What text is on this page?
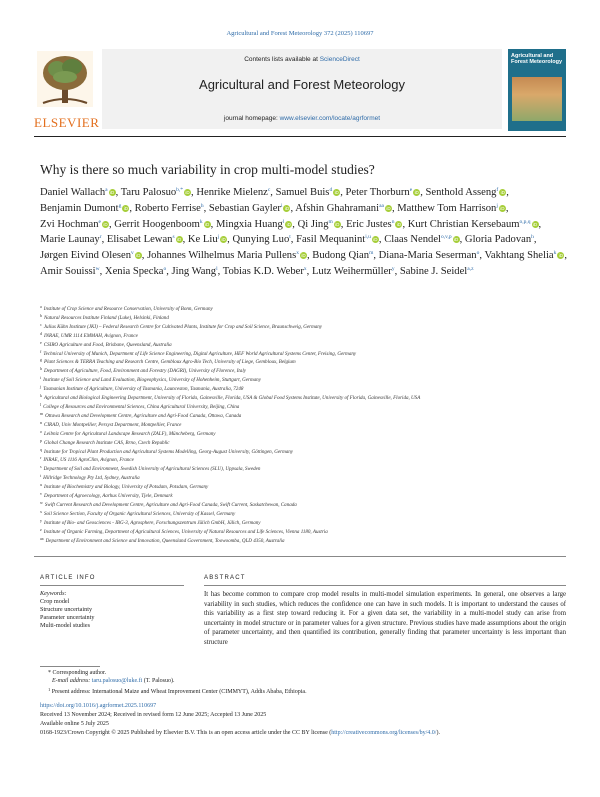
Agricultural and Forest Meteorology 372 (2025) 110697
ELSEVIER
Contents lists available at ScienceDirect
Agricultural and Forest Meteorology
journal homepage: www.elsevier.com/locate/agrformet
Agricultural and Forest Meteorology
Why is there so much variability in crop multi-model studies?
Daniel Wallach$^a$ iD, Taru Palosuo$^{b,*}$ iD, Henrike Mielenz$^c$, Samuel Buis$^d$ iD, Peter Thorburn$^e$ iD, Senthold Asseng$^f$ iD, Benjamin Dumont$^g$ iD, Roberto Ferrise$^h$, Sebastian Gayler$^i$ iD, Afshin Ghahramani$^{aa}$ iD, Matthew Tom Harrison$^j$ iD, Zvi Hochman$^e$ iD, Gerrit Hoogenboom$^k$ iD, Mingxia Huang$^l$ iD, Qi Jing$^m$ iD, Eric Justes$^n$ iD, Kurt Christian Kersebaum$^{o,p,q}$ iD, Marie Launay$^r$, Elisabet Lewan$^s$ iD, Ke Liu$^j$ iD, Qunying Luo$^t$, Fasil Mequanint$^{i,u}$ iD, Claas Nendel$^{o,v,p}$ iD, Gloria Padovan$^h$, Jørgen Eivind Olesen$^v$ iD, Johannes Wilhelmus Maria Pullens$^x$ iD, Budong Qian$^m$, Diana-Maria Seserman$^o$, Vakhtang Shelia$^k$ iD, Amir Souissi$^w$, Xenia Specka$^o$, Jing Wang$^l$, Tobias K.D. Weber$^x$, Lutz Weihermüller$^y$, Sabine J. Seidel$^{a,z}$
$^a$ Institute of Crop Science and Resource Conservation, University of Bonn, Germany
$^b$ Natural Resources Institute Finland (Luke), Helsinki, Finland
$^c$ Julius Kühn Institute (JKI) – Federal Research Centre for Cultivated Plants, Institute for Crop and Soil Science, Braunschweig, Germany
$^d$ INRAE, UMR 1114 EMMAH, Avignon, France
$^e$ CSIRO Agriculture and Food, Brisbane, Queensland, Australia
$^f$ Technical University of Munich, Department of Life Science Engineering, Digital Agriculture, HEF World Agricultural Systems Center, Freising, Germany
$^g$ Plant Sciences & TERRA Teaching and Research Centre, Gembloux Agro-Bio Tech, University of Liege, Gembloux, Belgium
$^h$ Department of Agriculture, Food, Environment and Forestry (DAGRI), University of Florence, Italy
$^i$ Institute of Soil Science and Land Evaluation, Biogeophysics, University of Hohenheim, Stuttgart, Germany
$^j$ Tasmanian Institute of Agriculture, University of Tasmania, Launceston, Tasmania, Australia, 7248
$^k$ Agricultural and Biological Engineering Department, University of Florida, Gainesville, Florida, USA & Global Food Systems Institute, University of Florida, Gainesville, Florida, USA
$^l$ College of Resources and Environmental Sciences, China Agricultural University, Beijing, China
$^m$ Ottawa Research and Development Centre, Agriculture and Agri-Food Canada, Ottawa, Canada
$^n$ CIRAD, Univ Montpellier, Persyst Department, Montpellier, France
$^o$ Leibniz Centre for Agricultural Landscape Research (ZALF), Müncheberg, Germany
$^p$ Global Change Research Institute CAS, Brno, Czech Republic
$^q$ Institute for Tropical Plant Production and Agricultural Systems Modelling, Georg-August University, Göttingen, Germany
$^r$ INRAE, US 1116 AgroClim, Avignon, France
$^s$ Department of Soil and Environment, Swedish University of Agricultural Sciences (SLU), Uppsala, Sweden
$^t$ Hillridge Technology Pty Ltd, Sydney, Australia
$^u$ Institute of Biochemistry and Biology, University of Potsdam, Potsdam, Germany
$^v$ Department of Agroecology, Aarhus University, Tjele, Denmark
$^w$ Swift Current Research and Development Centre, Agriculture and Agri-Food Canada, Swift Current, Saskatchewan, Canada
$^x$ Soil Science Section, Faculty of Organic Agricultural Sciences, University of Kassel, Germany
$^y$ Institute of Bio- and Geosciences - IBG-3, Agrosphere, Forschungszentrum Jülich GmbH, Jülich, Germany
$^z$ Institute of Organic Farming, Department of Agricultural Sciences, University of Natural Resources and Life Sciences, Vienna 1180, Austria
$^{aa}$ Department of Environment and Science and Innovation, Queensland Government, Toowoomba, QLD 4350, Australia
ARTICLE INFO	ABSTRACT
Keywords:
Crop model
Structure uncertainty
Parameter uncertainty
Multi-model studies
It has become common to compare crop model results in multi-model simulation experiments. In general, one observes a large variability in such studies, which reduces the confidence one can have in such models. It is important to understand the causes of this variability as a first step toward reducing it. For a given data set, the variability in a multi-model study can arise from uncertainty in model structure or in parameter values for a given structure. Previous studies have made assumptions about the origin of parameter uncertainty, and then quantified its contribution, generally finding that parameter uncertainty is less important than structure
* Corresponding author.
E-mail address: taru.palosuo@luke.fi (T. Palosuo).
$^1$ Present address: International Maize and Wheat Improvement Center (CIMMYT), Addis Ababa, Ethiopia.
https://doi.org/10.1016/j.agrformet.2025.110697
Received 13 November 2024; Received in revised form 12 June 2025; Accepted 13 June 2025
Available online 5 July 2025
0168-1923/Crown Copyright © 2025 Published by Elsevier B.V. This is an open access article under the CC BY license (http://creativecommons.org/licenses/by/4.0/).
